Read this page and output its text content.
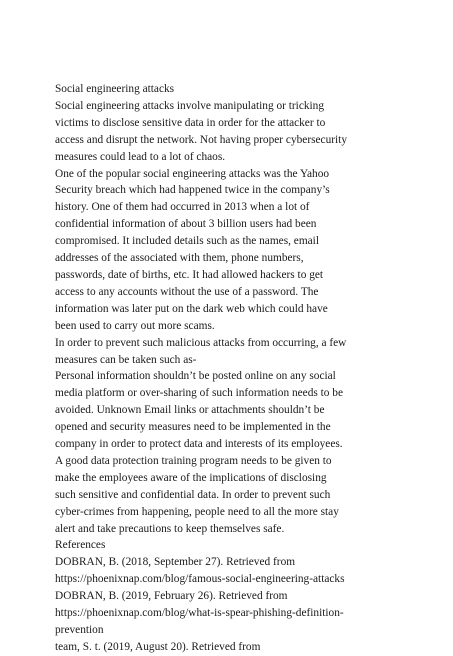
Social engineering attacks
Social engineering attacks involve manipulating or tricking
victims to disclose sensitive data in order for the attacker to
access and disrupt the network. Not having proper cybersecurity
measures could lead to a lot of chaos.
One of the popular social engineering attacks was the Yahoo
Security breach which had happened twice in the company’s
history. One of them had occurred in 2013 when a lot of
confidential information of about 3 billion users had been
compromised. It included details such as the names, email
addresses of the associated with them, phone numbers,
passwords, date of births, etc. It had allowed hackers to get
access to any accounts without the use of a password. The
information was later put on the dark web which could have
been used to carry out more scams.
In order to prevent such malicious attacks from occurring, a few
measures can be taken such as-
Personal information shouldn’t be posted online on any social
media platform or over-sharing of such information needs to be
avoided. Unknown Email links or attachments shouldn’t be
opened and security measures need to be implemented in the
company in order to protect data and interests of its employees.
A good data protection training program needs to be given to
make the employees aware of the implications of disclosing
such sensitive and confidential data. In order to prevent such
cyber-crimes from happening, people need to all the more stay
alert and take precautions to keep themselves safe.
References
DOBRAN, B. (2018, September 27). Retrieved from
https://phoenixnap.com/blog/famous-social-engineering-attacks
DOBRAN, B. (2019, February 26). Retrieved from
https://phoenixnap.com/blog/what-is-spear-phishing-definition-
prevention
team, S. t. (2019, August 20). Retrieved from
